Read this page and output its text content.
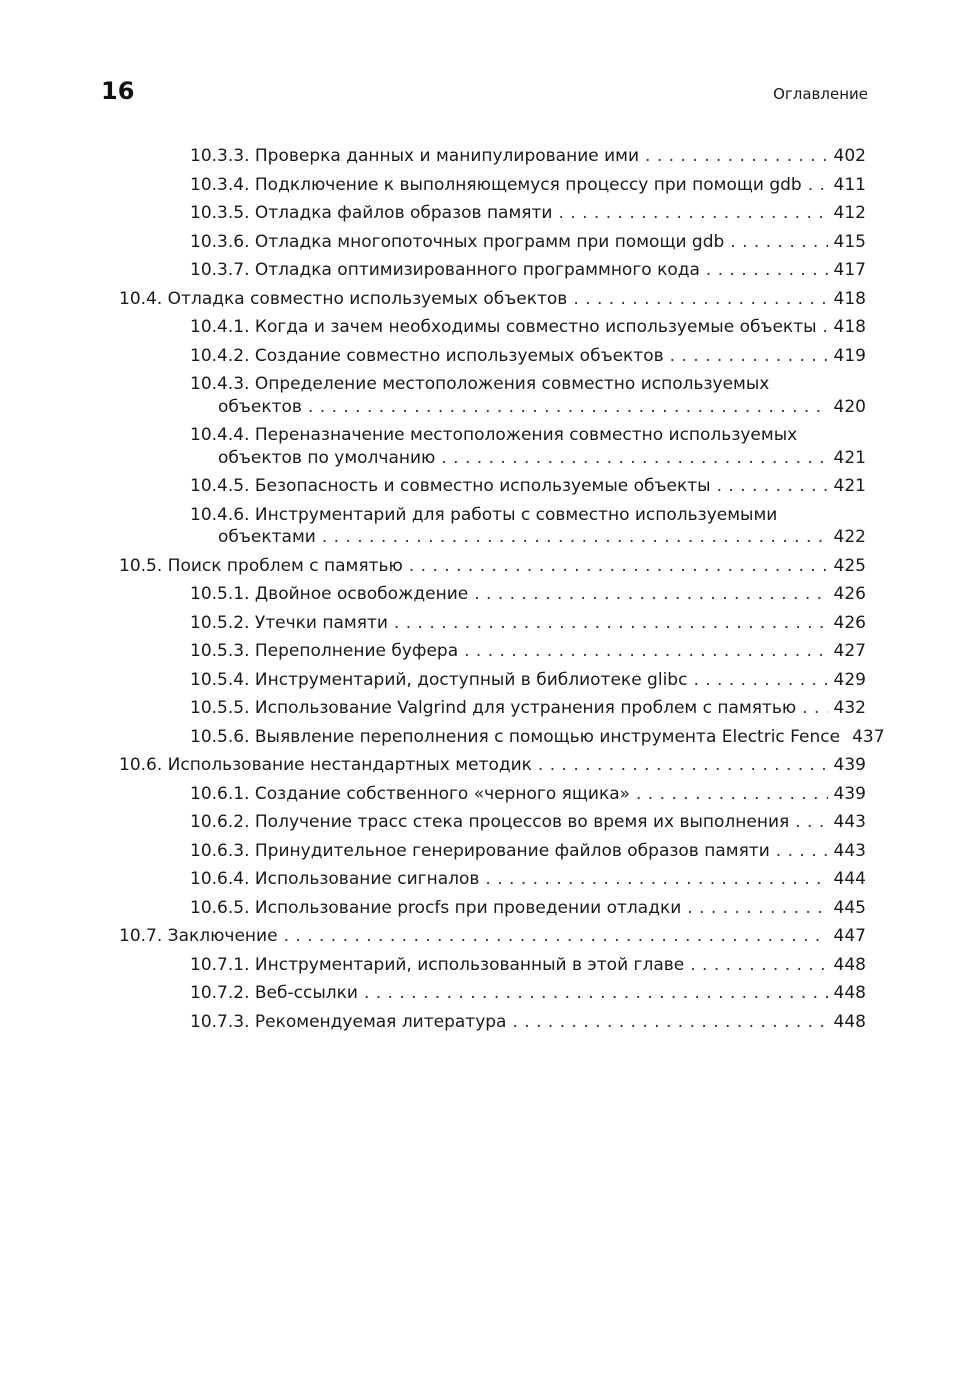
16	Оглавление
10.3.3. Проверка данных и манипулирование ими . . .	402
10.3.4. Подключение к выполняющемуся процессу при помощи gdb . . . 411
10.3.5. Отладка файлов образов памяти . . .	412
10.3.6. Отладка многопоточных программ при помощи gdb . . .	415
10.3.7. Отладка оптимизированного программного кода . . .	417
10.4. Отладка совместно используемых объектов . . .	418
10.4.1. Когда и зачем необходимы совместно используемые объекты . . . 418
10.4.2. Создание совместно используемых объектов . . .	419
10.4.3. Определение местоположения совместно используемых
объектов . . .	420
10.4.4. Переназначение местоположения совместно используемых
объектов по умолчанию . . .	421
10.4.5. Безопасность и совместно используемые объекты . . .	421
10.4.6. Инструментарий для работы с совместно используемыми
объектами . . .	422
10.5. Поиск проблем с памятью . . .	425
10.5.1. Двойное освобождение . . .	426
10.5.2. Утечки памяти . . .	426
10.5.3. Переполнение буфера . . .	427
10.5.4. Инструментарий, доступный в библиотеке glibc . . .	429
10.5.5. Использование Valgrind для устранения проблем с памятью . . . 432
10.5.6. Выявление переполнения с помощью инструмента Electric Fence 437
10.6. Использование нестандартных методик . . .	439
10.6.1. Создание собственного «черного ящика» . . .	439
10.6.2. Получение трасс стека процессов во время их выполнения . . .	443
10.6.3. Принудительное генерирование файлов образов памяти . . .	443
10.6.4. Использование сигналов . . .	444
10.6.5. Использование procfs при проведении отладки . . .	445
10.7. Заключение . . .	447
10.7.1. Инструментарий, использованный в этой главе . . .	448
10.7.2. Веб-ссылки . . .	448
10.7.3. Рекомендуемая литература . . .	448
